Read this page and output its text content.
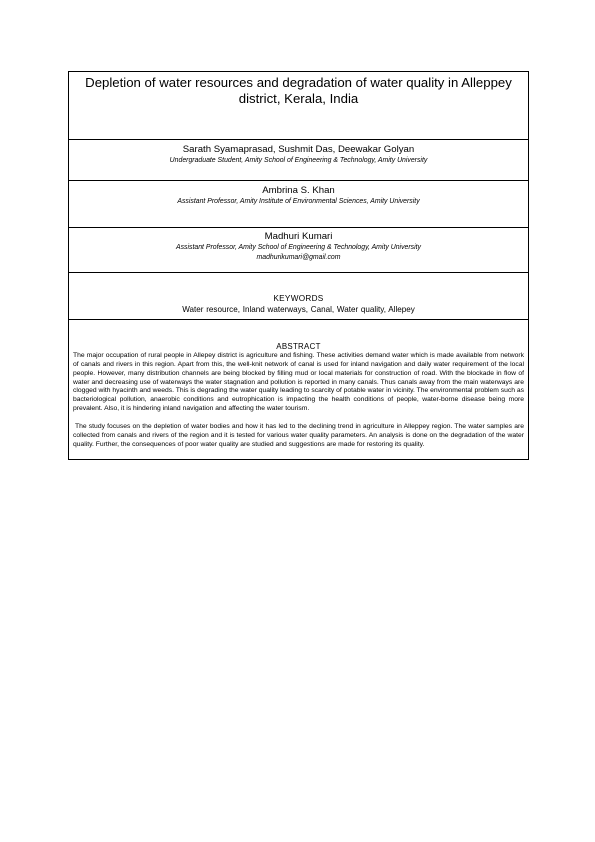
Depletion of water resources and degradation of water quality in Alleppey district, Kerala, India

Sarath Syamaprasad, Sushmit Das, Deewakar Golyan

Undergraduate Student, Amity School of Engineering & Technology, Amity University

Ambrina S. Khan

Assistant Professor, Amity Institute of Environmental Sciences, Amity University

Madhuri Kumari

Assistant Professor, Amity School of Engineering & Technology, Amity University

madhurikumari@gmail.com

KEYWORDS

Water resource, Inland waterways, Canal, Water quality, Allepey

ABSTRACT

The major occupation of rural people in Allepey district is agriculture and fishing. These activities demand water which is made available from network of canals and rivers in this region. Apart from this, the well-knit network of canal is used for inland navigation and daily water requirement of the local people. However, many distribution channels are being blocked by filling mud or local materials for construction of road. With the blockade in flow of water and decreasing use of waterways the water stagnation and pollution is reported in many canals. Thus canals away from the main waterways are clogged with hyacinth and weeds. This is degrading the water quality leading to scarcity of potable water in vicinity. The environmental problem such as bacteriological pollution, anaerobic conditions and eutrophication is impacting the health conditions of people, water-borne disease being more prevalent. Also, it is hindering inland navigation and affecting the water tourism.

The study focuses on the depletion of water bodies and how it has led to the declining trend in agriculture in Alleppey region. The water samples are collected from canals and rivers of the region and it is tested for various water quality parameters. An analysis is done on the degradation of the water quality. Further, the consequences of poor water quality are studied and suggestions are made for restoring its quality.
